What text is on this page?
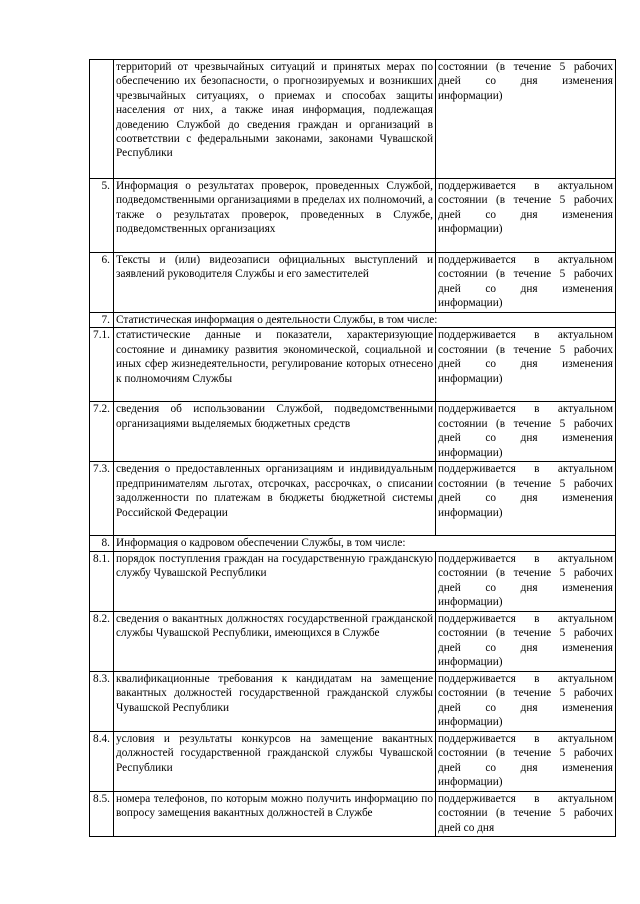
	территорий от чрезвычайных ситуаций и принятых мерах по обеспечению их безопасности, о прогнозируемых и возникших чрезвычайных ситуациях, о приемах и способах защиты населения от них, а также иная информация, подлежащая доведению Службой до сведения граждан и организаций в соответствии с федеральными законами, законами Чувашской Республики	состоянии (в течение 5 рабочих дней со дня изменения информации)
5.	Информация о результатах проверок, проведенных Службой, подведомственными организациями в пределах их полномочий, а также о результатах проверок, проведенных в Службе, подведомственных организациях	поддерживается в актуальном состоянии (в течение 5 рабочих дней со дня изменения информации)
6.	Тексты и (или) видеозаписи официальных выступлений и заявлений руководителя Службы и его заместителей	поддерживается в актуальном состоянии (в течение 5 рабочих дней со дня изменения информации)
7.	Статистическая информация о деятельности Службы, в том числе:	
7.1.	статистические данные и показатели, характеризующие состояние и динамику развития экономической, социальной и иных сфер жизнедеятельности, регулирование которых отнесено к полномочиям Службы	поддерживается в актуальном состоянии (в течение 5 рабочих дней со дня изменения информации)
7.2.	сведения об использовании Службой, подведомственными организациями выделяемых бюджетных средств	поддерживается в актуальном состоянии (в течение 5 рабочих дней со дня изменения информации)
7.3.	сведения о предоставленных организациям и индивидуальным предпринимателям льготах, отсрочках, рассрочках, о списании задолженности по платежам в бюджеты бюджетной системы Российской Федерации	поддерживается в актуальном состоянии (в течение 5 рабочих дней со дня изменения информации)
8.	Информация о кадровом обеспечении Службы, в том числе:	
8.1.	порядок поступления граждан на государственную гражданскую службу Чувашской Республики	поддерживается в актуальном состоянии (в течение 5 рабочих дней со дня изменения информации)
8.2.	сведения о вакантных должностях государственной гражданской службы Чувашской Республики, имеющихся в Службе	поддерживается в актуальном состоянии (в течение 5 рабочих дней со дня изменения информации)
8.3.	квалификационные требования к кандидатам на замещение вакантных должностей государственной гражданской службы Чувашской Республики	поддерживается в актуальном состоянии (в течение 5 рабочих дней со дня изменения информации)
8.4.	условия и результаты конкурсов на замещение вакантных должностей государственной гражданской службы Чувашской Республики	поддерживается в актуальном состоянии (в течение 5 рабочих дней со дня изменения информации)
8.5.	номера телефонов, по которым можно получить информацию по вопросу замещения вакантных должностей в Службе	поддерживается в актуальном состоянии (в течение 5 рабочих дней со дня
